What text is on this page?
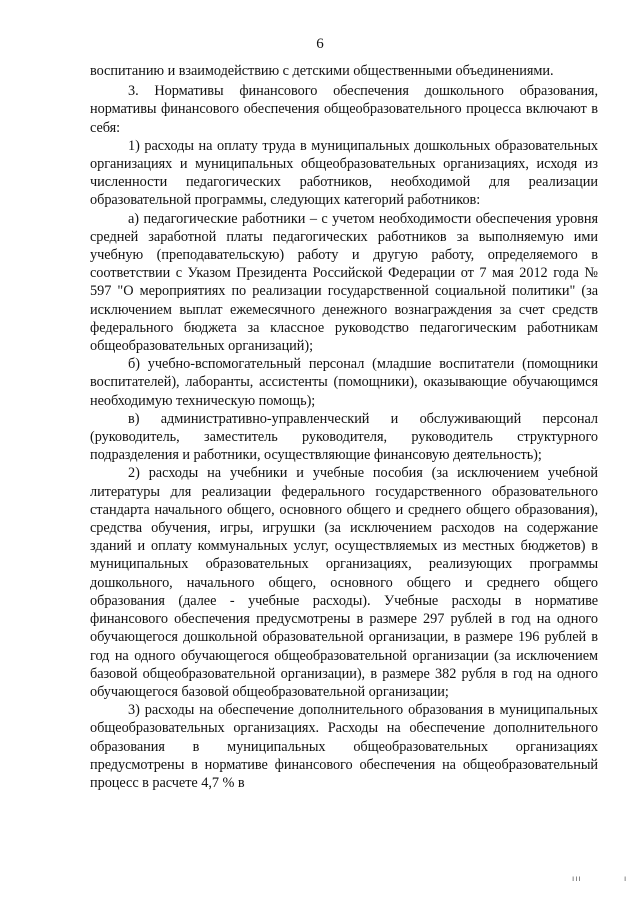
6

воспитанию и взаимодействию с детскими общественными объединениями.

3. Нормативы финансового обеспечения дошкольного образования, нормативы финансового обеспечения общеобразовательного процесса включают в себя:

1) расходы на оплату труда в муниципальных дошкольных образовательных организациях и муниципальных общеобразовательных организациях, исходя из численности педагогических работников, необходимой для реализации образовательной программы, следующих категорий работников:

а) педагогические работники – с учетом необходимости обеспечения уровня средней заработной платы педагогических работников за выполняемую ими учебную (преподавательскую) работу и другую работу, определяемого в соответствии с Указом Президента Российской Федерации от 7 мая 2012 года № 597 "О мероприятиях по реализации государственной социальной политики" (за исключением выплат ежемесячного денежного вознаграждения за счет средств федерального бюджета за классное руководство педагогическим работникам общеобразовательных организаций);

б) учебно-вспомогательный персонал (младшие воспитатели (помощники воспитателей), лаборанты, ассистенты (помощники), оказывающие обучающимся необходимую техническую помощь);

в) административно-управленческий и обслуживающий персонал (руководитель, заместитель руководителя, руководитель структурного подразделения и работники, осуществляющие финансовую деятельность);

2) расходы на учебники и учебные пособия (за исключением учебной литературы для реализации федерального государственного образовательного стандарта начального общего, основного общего и среднего общего образования), средства обучения, игры, игрушки (за исключением расходов на содержание зданий и оплату коммунальных услуг, осуществляемых из местных бюджетов) в муниципальных образовательных организациях, реализующих программы дошкольного, начального общего, основного общего и среднего общего образования (далее - учебные расходы). Учебные расходы в нормативе финансового обеспечения предусмотрены в размере 297 рублей в год на одного обучающегося дошкольной образовательной организации, в размере 196 рублей в год на одного обучающегося общеобразовательной организации (за исключением базовой общеобразовательной организации), в размере 382 рубля в год на одного обучающегося базовой общеобразовательной организации;

3) расходы на обеспечение дополнительного образования в муниципальных общеобразовательных организациях. Расходы на обеспечение дополнительного образования в муниципальных общеобразовательных организациях предусмотрены в нормативе финансового обеспечения на общеобразовательный процесс в расчете 4,7 % в

ııı	ı
